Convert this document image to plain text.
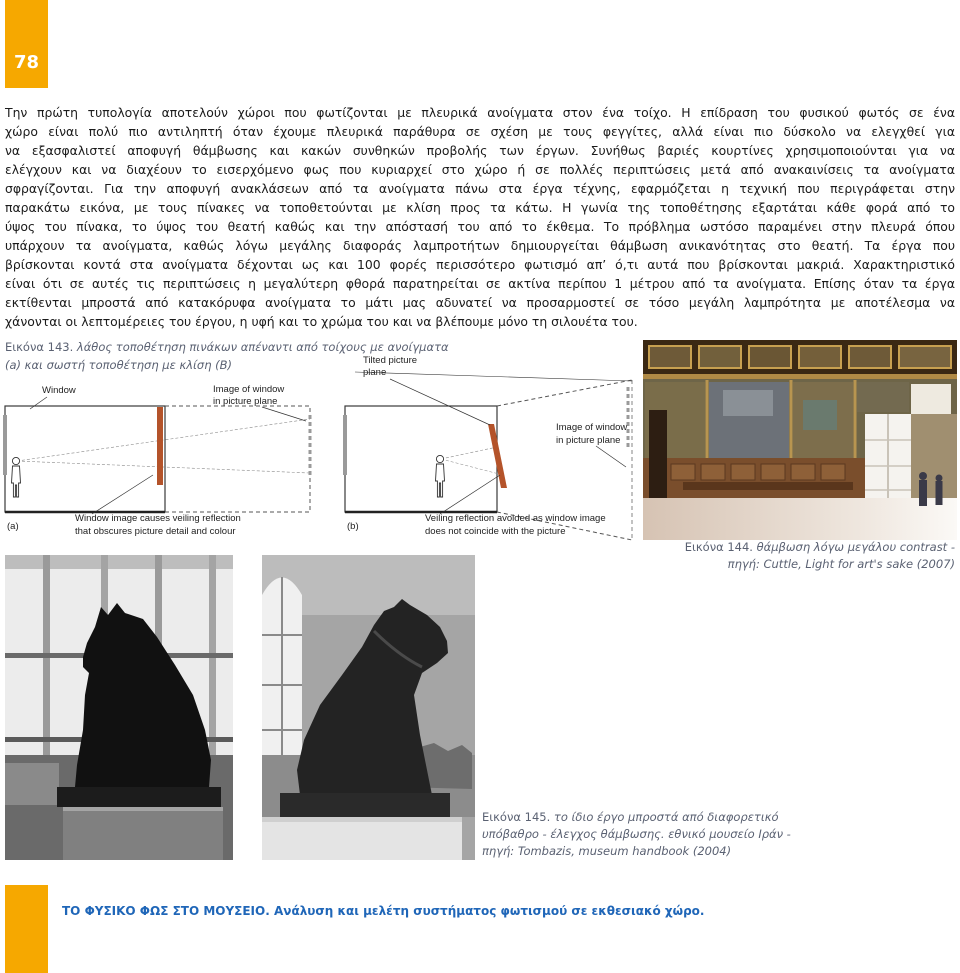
78
Την πρώτη τυπολογία αποτελούν χώροι που φωτίζονται με πλευρικά ανοίγματα στον ένα τοίχο. Η επίδραση του φυσικού φωτός σε ένα
χώρο είναι πολύ πιο αντιληπτή όταν έχουμε πλευρικά παράθυρα σε σχέση με τους φεγγίτες, αλλά είναι πιο δύσκολο να ελεγχθεί για
να εξασφαλιστεί αποφυγή θάμβωσης και κακών συνθηκών προβολής των έργων. Συνήθως βαριές κουρτίνες χρησιμοποιούνται για να
ελέγχουν και να διαχέουν το εισερχόμενο φως που κυριαρχεί στο χώρο ή σε πολλές περιπτώσεις μετά από ανακαινίσεις τα ανοίγματα
σφραγίζονται. Για την αποφυγή ανακλάσεων από τα ανοίγματα πάνω στα έργα τέχνης, εφαρμόζεται η τεχνική που περιγράφεται στην
παρακάτω εικόνα, με τους πίνακες να τοποθετούνται με κλίση προς τα κάτω. Η γωνία της τοποθέτησης εξαρτάται κάθε φορά από το
ύψος του πίνακα, το ύψος του θεατή καθώς και την απόστασή του από το έκθεμα. Το πρόβλημα ωστόσο παραμένει στην πλευρά όπου
υπάρχουν τα ανοίγματα, καθώς λόγω μεγάλης διαφοράς λαμπροτήτων δημιουργείται θάμβωση ανικανότητας στο θεατή. Τα έργα που
βρίσκονται κοντά στα ανοίγματα δέχονται ως και 100 φορές περισσότερο φωτισμό απ’ ό,τι αυτά που βρίσκονται μακριά. Χαρακτηριστικό
είναι ότι σε αυτές τις περιπτώσεις η μεγαλύτερη φθορά παρατηρείται σε ακτίνα περίπου 1 μέτρου από τα ανοίγματα. Επίσης όταν τα έργα
εκτίθενται μπροστά από κατακόρυφα ανοίγματα το μάτι μας αδυνατεί να προσαρμοστεί σε τόσο μεγάλη λαμπρότητα με αποτέλεσμα να
χάνονται οι λεπτομέρειες του έργου, η υφή και το χρώμα του και να βλέπουμε μόνο τη σιλουέτα του.
Window	Image of window
in picture plane
Window image causes veiling reflection
that obscures picture detail and colour
(a)
Tilted picture
plane
Image of window
in picture plane
Veiling reflection avoided as window image
does not coincide with the picture
(b)
Εικόνα 143. λάθος τοποθέτηση πινάκων απέναντι από τοίχους με ανοίγματα
(a) και σωστή τοποθέτηση με κλίση (B)
Εικόνα 144. θάμβωση λόγω μεγάλου contrast -
πηγή: Cuttle, Light for art's sake (2007)
Εικόνα 145. το ίδιο έργο μπροστά από διαφορετικό
υπόβαθρο - έλεγχος θάμβωσης. εθνικό μουσείο Ιράν -
πηγή: Tombazis, museum handbook (2004)
ΤΟ ΦΥΣΙΚΟ ΦΩΣ ΣΤΟ ΜΟΥΣΕΙΟ. Ανάλυση και μελέτη συστήματος φωτισμού σε εκθεσιακό χώρο.
